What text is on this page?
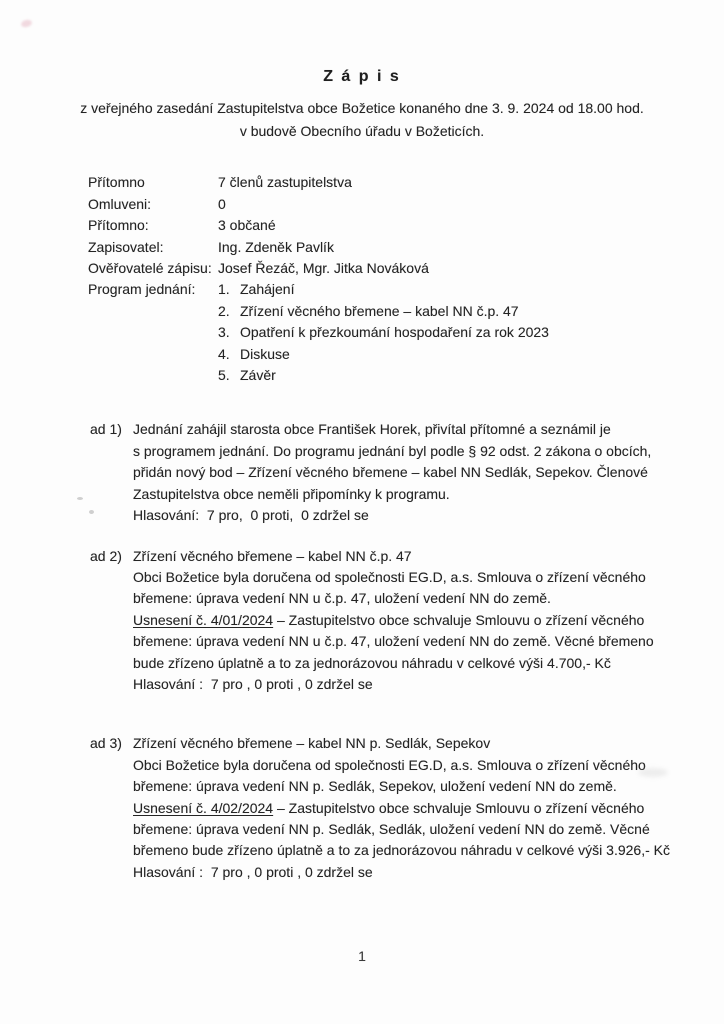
Z á p i s
z veřejného zasedání Zastupitelstva obce Božetice konaného dne 3. 9. 2024 od 18.00 hod.
v budově Obecního úřadu v Božeticích.
Přítomno	7 členů zastupitelstva
Omluveni:	0
Přítomno:	3 občané
Zapisovatel:	Ing. Zdeněk Pavlík
Ověřovatelé zápisu: Josef Řezáč, Mgr. Jitka Nováková
Program jednání:	1. Zahájení
2. Zřízení věcného břemene – kabel NN č.p. 47
3. Opatření k přezkoumání hospodaření za rok 2023
4. Diskuse
5. Závěr
ad 1) Jednání zahájil starosta obce František Horek, přivítal přítomné a seznámil je
s programem jednání. Do programu jednání byl podle § 92 odst. 2 zákona o obcích,
přidán nový bod – Zřízení věcného břemene – kabel NN Sedlák, Sepekov. Členové
Zastupitelstva obce neměli připomínky k programu.
Hlasování:  7 pro,  0 proti,  0 zdržel se
ad 2) Zřízení věcného břemene – kabel NN č.p. 47
Obci Božetice byla doručena od společnosti EG.D, a.s. Smlouva o zřízení věcného
břemene: úprava vedení NN u č.p. 47, uložení vedení NN do země.
Usnesení č. 4/01/2024 – Zastupitelstvo obce schvaluje Smlouvu o zřízení věcného
břemene: úprava vedení NN u č.p. 47, uložení vedení NN do země. Věcné břemeno
bude zřízeno úplatně a to za jednorázovou náhradu v celkové výši 4.700,- Kč
Hlasování :  7 pro , 0 proti , 0 zdržel se
ad 3) Zřízení věcného břemene – kabel NN p. Sedlák, Sepekov
Obci Božetice byla doručena od společnosti EG.D, a.s. Smlouva o zřízení věcného
břemene: úprava vedení NN p. Sedlák, Sepekov, uložení vedení NN do země.
Usnesení č. 4/02/2024 – Zastupitelstvo obce schvaluje Smlouvu o zřízení věcného
břemene: úprava vedení NN p. Sedlák, Sedlák, uložení vedení NN do země. Věcné
břemeno bude zřízeno úplatně a to za jednorázovou náhradu v celkové výši 3.926,- Kč
Hlasování :  7 pro , 0 proti , 0 zdržel se
1
